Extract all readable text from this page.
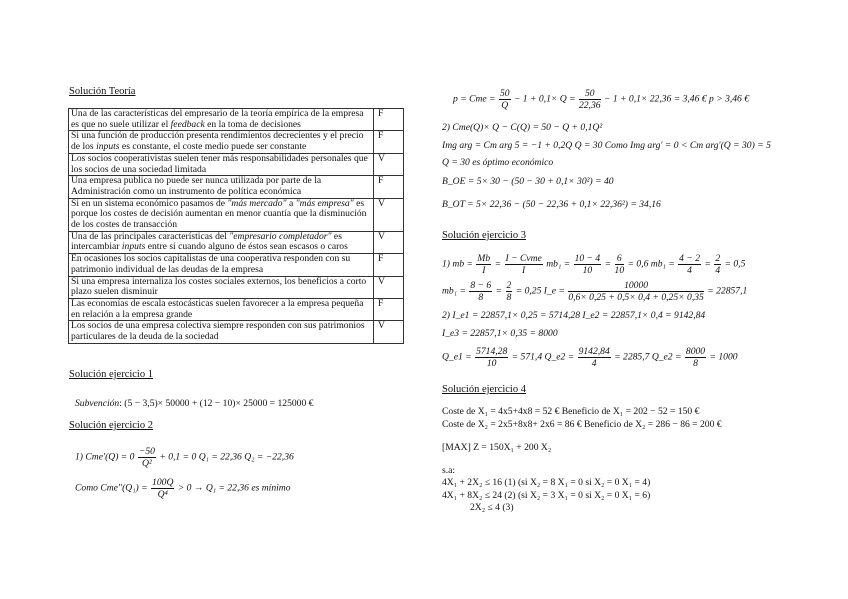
Solución Teoría
Una de las características del empresario de la teoría empírica de la empresa es que no suele utilizar el feedback en la toma de decisiones	F
Si una función de producción presenta rendimientos decrecientes y el precio de los inputs es constante, el coste medio puede ser constante	F
Los socios cooperativistas suelen tener más responsabilidades personales que los socios de una sociedad limitada	V
Una empresa publica no puede ser nunca utilizada por parte de la Administración como un instrumento de política económica	F
Si en un sistema económico pasamos de "más mercado" a "más empresa" es porque los costes de decisión aumentan en menor cuantía que la disminución de los costes de transacción	V
Una de las principales características del "empresario completador" es intercambiar inputs entre sí cuando alguno de éstos sean escasos o caros	V
En ocasiones los socios capitalistas de una cooperativa responden con su patrimonio individual de las deudas de la empresa	F
Si una empresa internaliza los costes sociales externos, los beneficios a corto plazo suelen disminuir	V
Las economías de escala estocásticas suelen favorecer a la empresa pequeña en relación a la empresa grande	F
Los socios de una empresa colectiva siempre responden con sus patrimonios particulares de la deuda de la sociedad	V
Solución ejercicio 1
Subvención: (5 − 3,5)× 50000 + (12 − 10)× 25000 = 125000 €
Solución ejercicio 2
1) $Cme'(Q) = 0 \frac{-50}{\text{Q²}} + 0,1 = 0$ Q₁ = 22,36 Q₂ = −22,36
Como $Cme''(Q_1) = \frac{100Q}{\text{Q⁴}} > 0 \to Q_1 = 22,36$ es mínimo
p = Cme = $\frac{50}{Q} - 1 + 0,1\times Q = \frac{50}{22,36} - 1 + 0,1\times 22,36 = 3,46$ € p > 3,46 €
2) Cme(Q)× Q − C(Q) = 50 − Q + 0,1Q²
Img arg = Cm arg 5 = −1 + 0,2Q Q = 30 Como Img arg′ = 0 < Cm arg′(Q = 30) = 5
Q = 30 es óptimo económico
B_OE = 5× 30 − (50 − 30 + 0,1× 30²) = 40
B_OT = 5× 22,36 − (50 − 22,36 + 0,1× 22,36²) = 34,16
Solución ejercicio 3
1) mb = $\frac{Mb}{I} = \frac{\text{I − Cvme}}{I} mb_1 = \frac{10 - 4}{10} = \frac{6}{10} = 0,6$ $mb_1 = \frac{4 - 2}{4} = \frac{2}{4} = 0,5$
$mb_1 = \frac{8 - 6}{8} = \frac{2}{8} = 0,25$ I_e = $\frac{10000}{0,6\times 0,25 + 0,5\times 0,4 + 0,25\times 0,35} = 22857,1$
2) I_e1 = 22857,1× 0,25 = 5714,28 I_e2 = 22857,1× 0,4 = 9142,84
I_e3 = 22857,1× 0,35 = 8000
Q_e1 = $\frac{5714,28}{10} = 571,4$ Q_e2 = $\frac{9142,84}{4} = 2285,7$ Q_e2 = $\frac{8000}{8} = 1000$
Solución ejercicio 4
Coste de X₁ = 4x5+4x8 = 52 € Beneficio de X₁ = 202 − 52 = 150 €
Coste de X₂ = 2x5+8x8+ 2x6 = 86 € Beneficio de X₂ = 286 − 86 = 200 €
[MAX] Z = 150X₁ + 200 X₂
s.a:
4X₁ + 2X₂ ≤ 16 (1) (si X₂ = 8 X₁ = 0 si X₂ = 0 X₁ = 4)
4X₁ + 8X₂ ≤ 24 (2) (si X₂ = 3 X₁ = 0 si X₂ = 0 X₁ = 6)
2X₂ ≤ 4 (3)
